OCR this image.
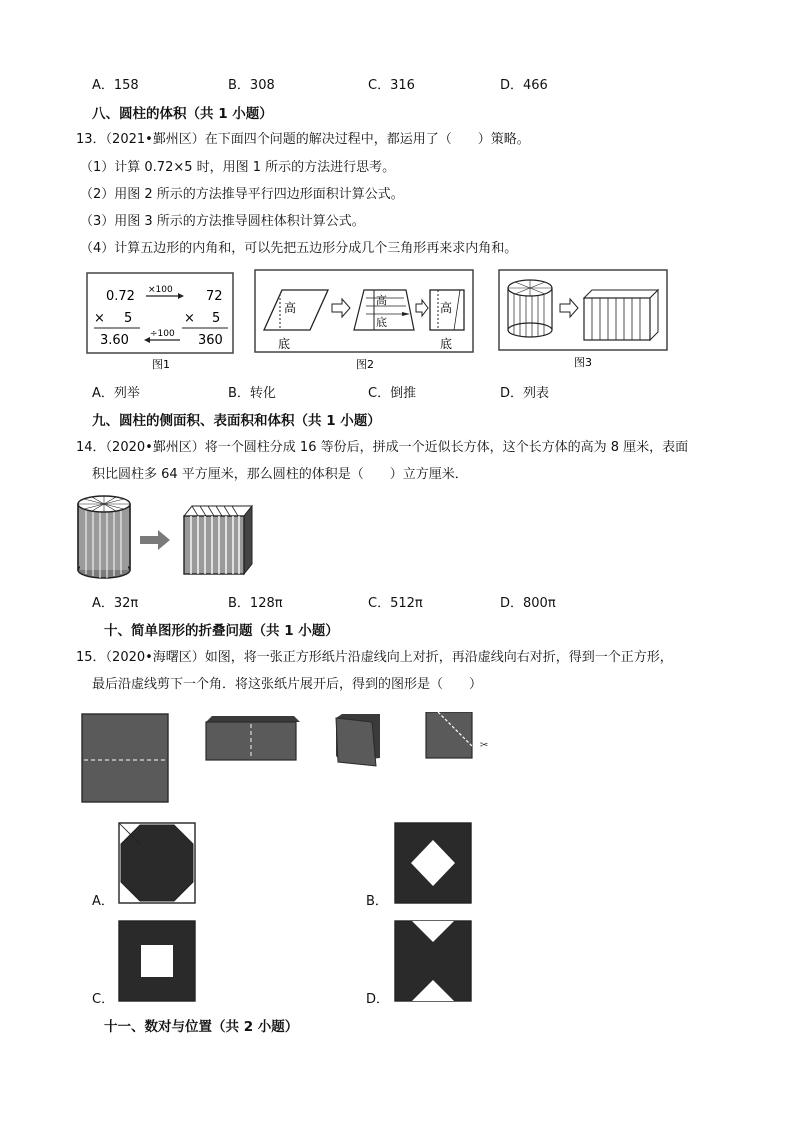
A．158	B．308	C．316	D．466
八、圆柱的体积（共 1 小题）
13．（2021•鄞州区）在下面四个问题的解决过程中，都运用了（　　）策略。
（1）计算 0.72×5 时，用图 1 所示的方法进行思考。
（2）用图 2 所示的方法推导平行四边形面积计算公式。
（3）用图 3 所示的方法推导圆柱体积计算公式。
（4）计算五边形的内角和，可以先把五边形分成几个三角形再来求内角和。
0.72
× 5
3.60
72
× 5
360
×100
÷100
图1
高
底
高
底
高
底
图2	图3
A．列举	B．转化	C．倒推	D．列表
九、圆柱的侧面积、表面积和体积（共 1 小题）
14．（2020•鄞州区）将一个圆柱分成 16 等份后，拼成一个近似长方体，这个长方体的高为 8 厘米，表面
积比圆柱多 64 平方厘米，那么圆柱的体积是（　　）立方厘米．
A．32π	B．128π	C．512π	D．800π
十、简单图形的折叠问题（共 1 小题）
15．（2020•海曙区）如图，将一张正方形纸片沿虚线向上对折，再沿虚线向右对折，得到一个正方形，
最后沿虚线剪下一个角．将这张纸片展开后，得到的图形是（　　）
✂
A．	B．
C．	D．
十一、数对与位置（共 2 小题）
